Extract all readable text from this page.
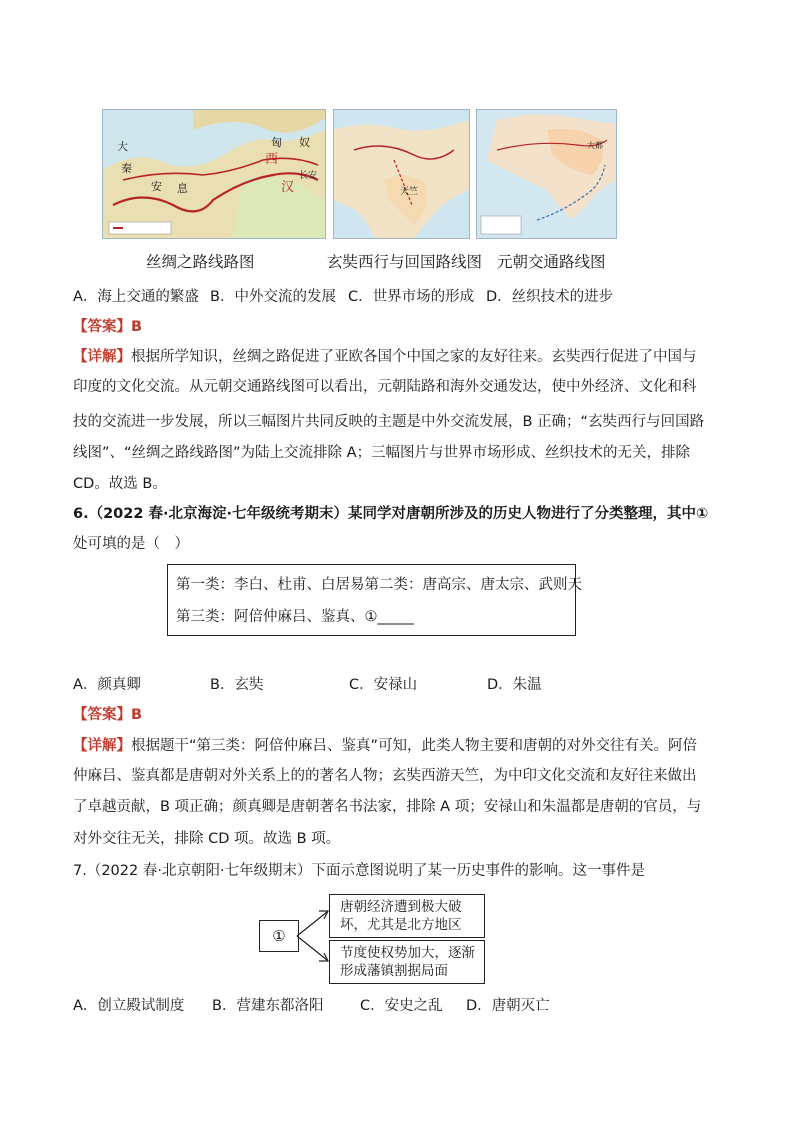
匈 奴
西
汉
大
秦
安 息
长安
天竺
大都
丝绸之路线路图	玄奘西行与回国路线图 元朝交通路线图
A．海上交通的繁盛 B．中外交流的发展 C．世界市场的形成 D．丝织技术的进步
【答案】B
【详解】根据所学知识，丝绸之路促进了亚欧各国个中国之家的友好往来。玄奘西行促进了中国与
印度的文化交流。从元朝交通路线图可以看出，元朝陆路和海外交通发达，使中外经济、文化和科
技的交流进一步发展，所以三幅图片共同反映的主题是中外交流发展，B 正确；“玄奘西行与回国路
线图”、“丝绸之路线路图”为陆上交流排除 A；三幅图片与世界市场形成、丝织技术的无关，排除
CD。故选 B。
6.（2022 春·北京海淀·七年级统考期末）某同学对唐朝所涉及的历史人物进行了分类整理，其中①
处可填的是（　）
第一类：李白、杜甫、白居易第二类：唐高宗、唐太宗、武则天
第三类：阿倍仲麻吕、鉴真、①_____
A．颜真卿	B．玄奘	C．安禄山	D．朱温
【答案】B
【详解】根据题干“第三类：阿倍仲麻吕、鉴真”可知，此类人物主要和唐朝的对外交往有关。阿倍
仲麻吕、鉴真都是唐朝对外关系上的的著名人物；玄奘西游天竺，为中印文化交流和友好往来做出
了卓越贡献，B 项正确；颜真卿是唐朝著名书法家，排除 A 项；安禄山和朱温都是唐朝的官员，与
对外交往无关，排除 CD 项。故选 B 项。
7.（2022 春·北京朝阳·七年级期末）下面示意图说明了某一历史事件的影响。这一事件是
①
唐朝经济遭到极大破
坏，尤其是北方地区
节度使权势加大，逐渐
形成藩镇割据局面
A．创立殿试制度 B．营建东都洛阳	C．安史之乱 D．唐朝灭亡
